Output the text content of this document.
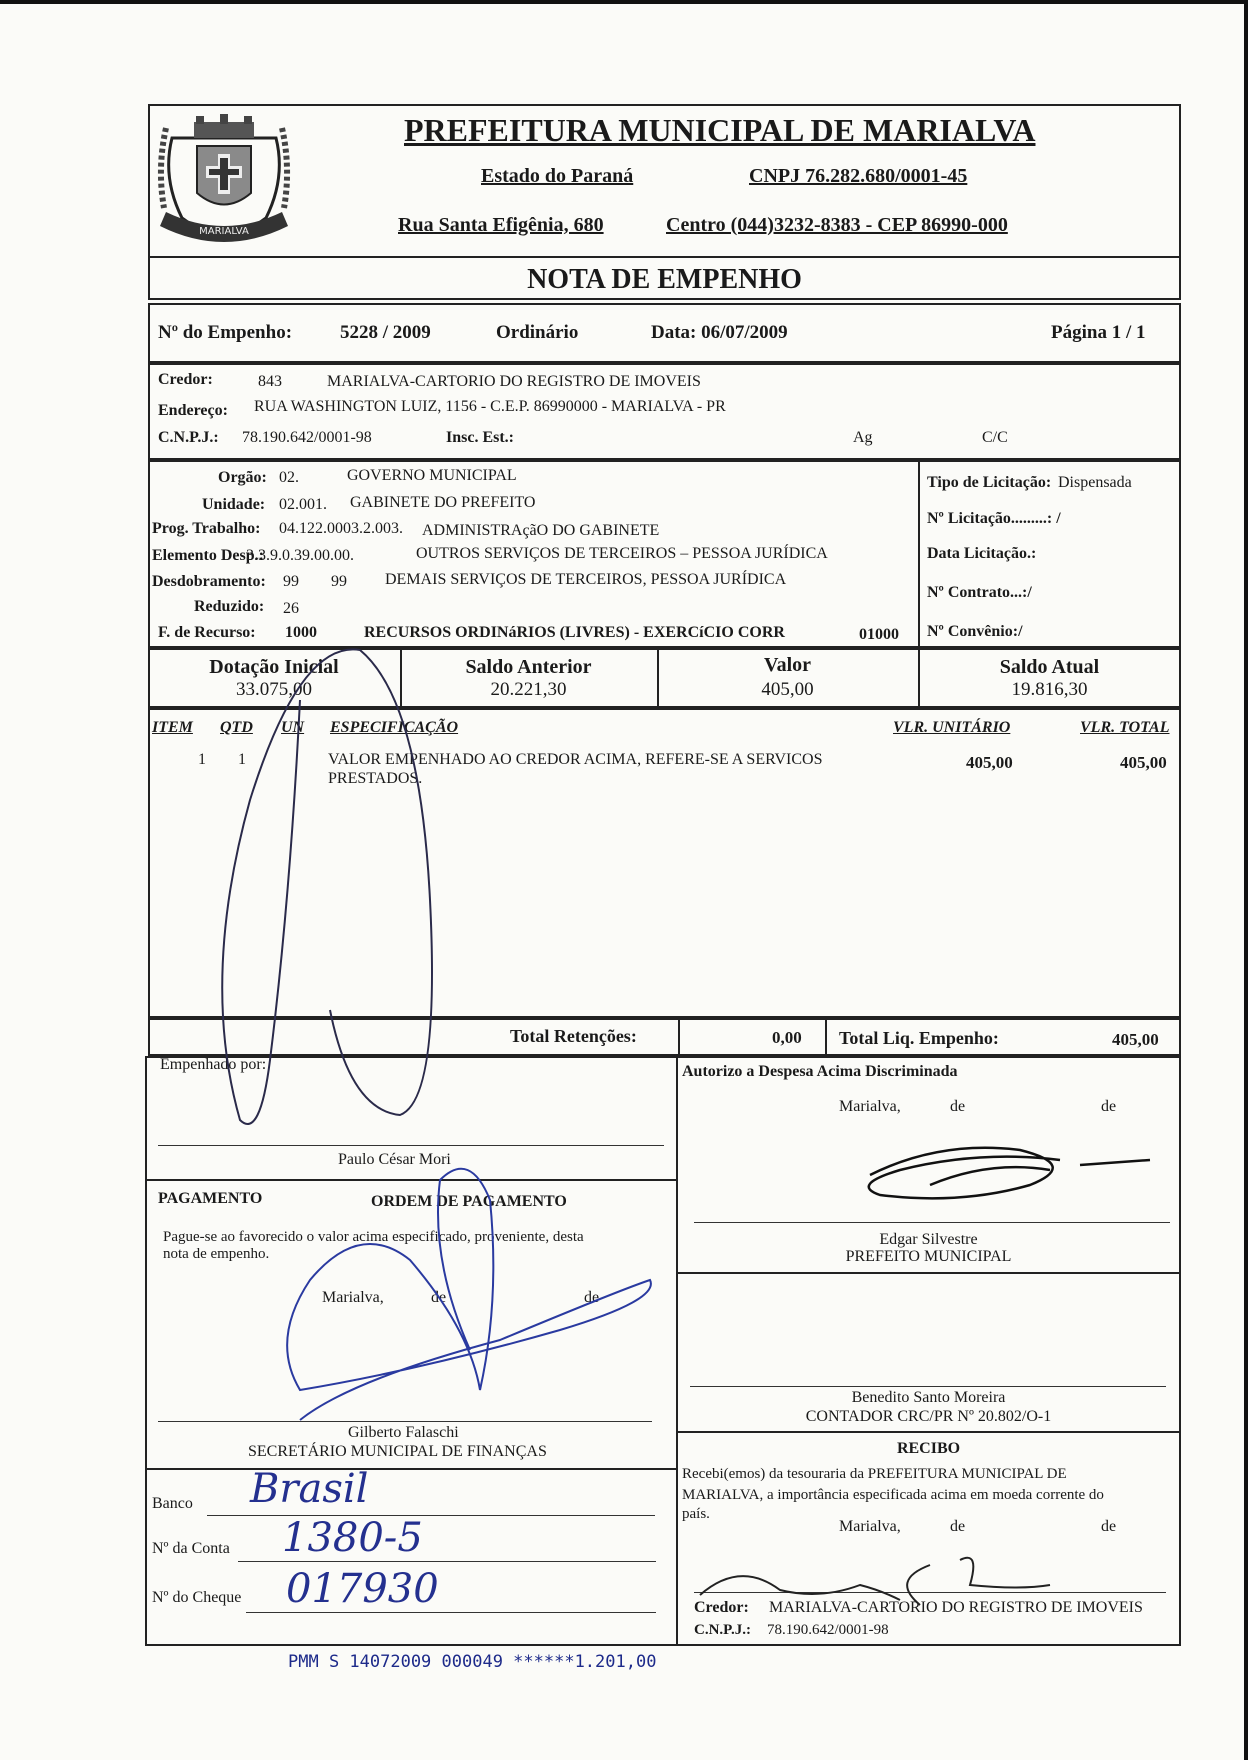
MARIALVA
PREFEITURA MUNICIPAL DE MARIALVA
Estado do Paraná	CNPJ 76.282.680/0001-45
Rua Santa Efigênia, 680	Centro (044)3232-8383 - CEP 86990-000
NOTA DE EMPENHO
Nº do Empenho:	5228 / 2009	Ordinário	Data: 06/07/2009	Página 1 / 1
Credor:	843	MARIALVA-CARTORIO DO REGISTRO DE IMOVEIS
Endereço: RUA WASHINGTON LUIZ, 1156 - C.E.P. 86990000 - MARIALVA - PR
C.N.P.J.: 78.190.642/0001-98	Insc. Est.:	Ag	C/C
Orgão: 02.	GOVERNO MUNICIPAL
Unidade: 02.001. GABINETE DO PREFEITO
Prog. Trabalho: 04.122.0003.2.003. ADMINISTRAçãO DO GABINETE
Elemento Desp.:
3.3.9.0.39.00.00.	OUTROS SERVIÇOS DE TERCEIROS – PESSOA JURÍDICA
Desdobramento: 99 99 DEMAIS SERVIÇOS DE TERCEIROS, PESSOA JURÍDICA
Reduzido: 26
F. de Recurso: 1000	RECURSOS ORDINáRIOS (LIVRES) - EXERCíCIO CORR	01000
Tipo de Licitação: Dispensada
Nº Licitação.........: /
Data Licitação.:
Nº Contrato...:/
Nº Convênio:/
Dotação Inicial
33.075,00
Saldo Anterior
20.221,30
Valor
405,00
Saldo Atual
19.816,30
ITEM QTD UN ESPECIFICAÇÃO	VLR. UNITÁRIO	VLR. TOTAL
1 1	VALOR EMPENHADO AO CREDOR ACIMA, REFERE-SE A SERVICOS
PRESTADOS.
405,00	405,00
Total Retenções:	0,00 Total Liq. Empenho:	405,00
Empenhado por:
Paulo César Mori
PAGAMENTO	ORDEM DE PAGAMENTO
Pague-se ao favorecido o valor acima especificado, proveniente, desta
nota de empenho.
Marialva,	de	de
Gilberto Falaschi
SECRETÁRIO MUNICIPAL DE FINANÇAS
Banco Brasil
Nº da Conta 1380-5
Nº do Cheque 017930
Autorizo a Despesa Acima Discriminada
Marialva,	de	de
Edgar Silvestre
PREFEITO MUNICIPAL
Benedito Santo Moreira
CONTADOR CRC/PR Nº 20.802/O-1
RECIBO
Recebi(emos) da tesouraria da PREFEITURA MUNICIPAL DE
MARIALVA, a importância especificada acima em moeda corrente do
país.
Marialva,	de	de
Credor: MARIALVA-CARTORIO DO REGISTRO DE IMOVEIS
C.N.P.J.: 78.190.642/0001-98
PMM S 14072009 000049 ******1.201,00
